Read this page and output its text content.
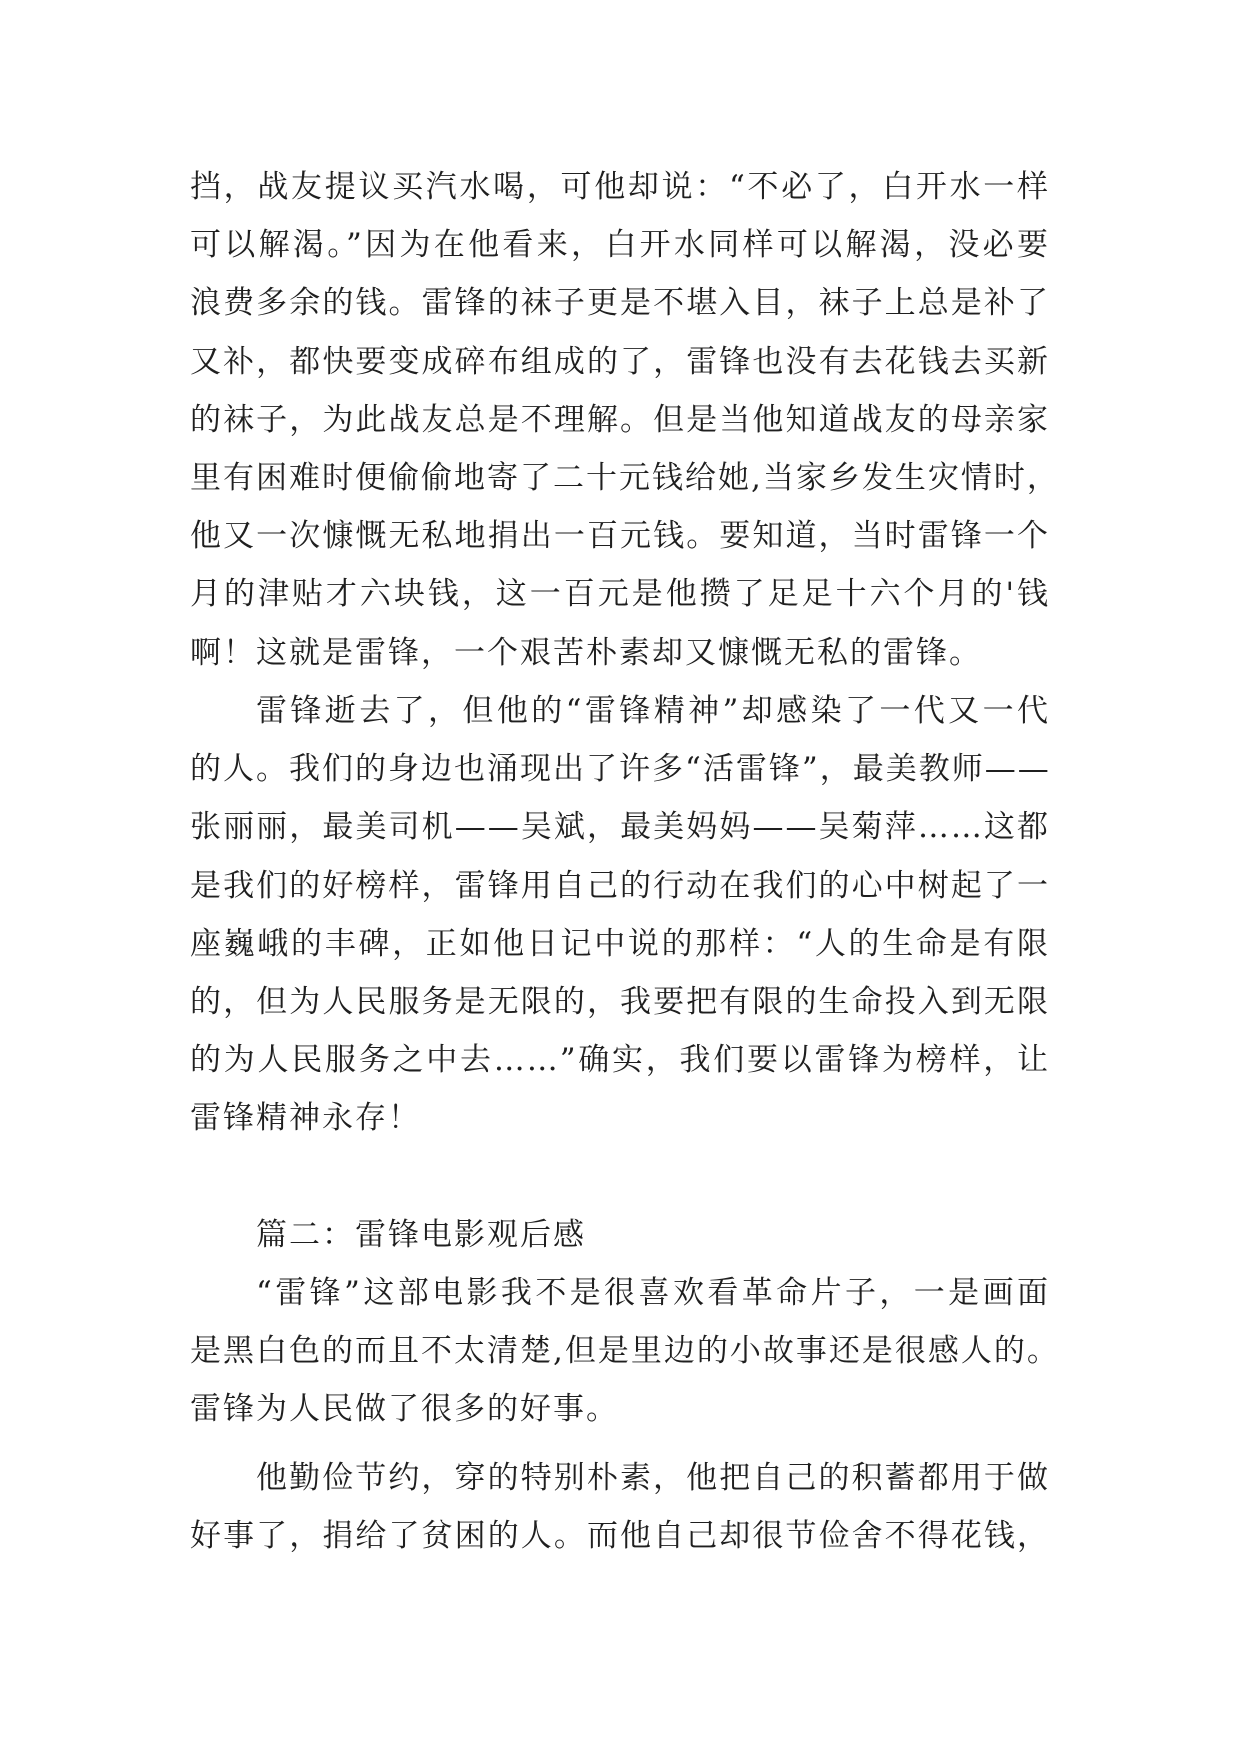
挡，战友提议买汽水喝，可他却说：“不必了，白开水一样
可以解渴。”因为在他看来，白开水同样可以解渴，没必要
浪费多余的钱。雷锋的袜子更是不堪入目，袜子上总是补了
又补，都快要变成碎布组成的了，雷锋也没有去花钱去买新
的袜子，为此战友总是不理解。但是当他知道战友的母亲家
里有困难时便偷偷地寄了二十元钱给她,当家乡发生灾情时，
他又一次慷慨无私地捐出一百元钱。要知道，当时雷锋一个
月的津贴才六块钱，这一百元是他攒了足足十六个月的'钱
啊！这就是雷锋，一个艰苦朴素却又慷慨无私的雷锋。
雷锋逝去了，但他的“雷锋精神”却感染了一代又一代
的人。我们的身边也涌现出了许多“活雷锋”，最美教师——
张丽丽，最美司机——吴斌，最美妈妈——吴菊萍……这都
是我们的好榜样，雷锋用自己的行动在我们的心中树起了一
座巍峨的丰碑，正如他日记中说的那样：“人的生命是有限
的，但为人民服务是无限的，我要把有限的生命投入到无限
的为人民服务之中去……”确实，我们要以雷锋为榜样，让
雷锋精神永存！
篇二：雷锋电影观后感
“雷锋”这部电影我不是很喜欢看革命片子，一是画面
是黑白色的而且不太清楚,但是里边的小故事还是很感人的。
雷锋为人民做了很多的好事。
他勤俭节约，穿的特别朴素，他把自己的积蓄都用于做
好事了，捐给了贫困的人。而他自己却很节俭舍不得花钱，
